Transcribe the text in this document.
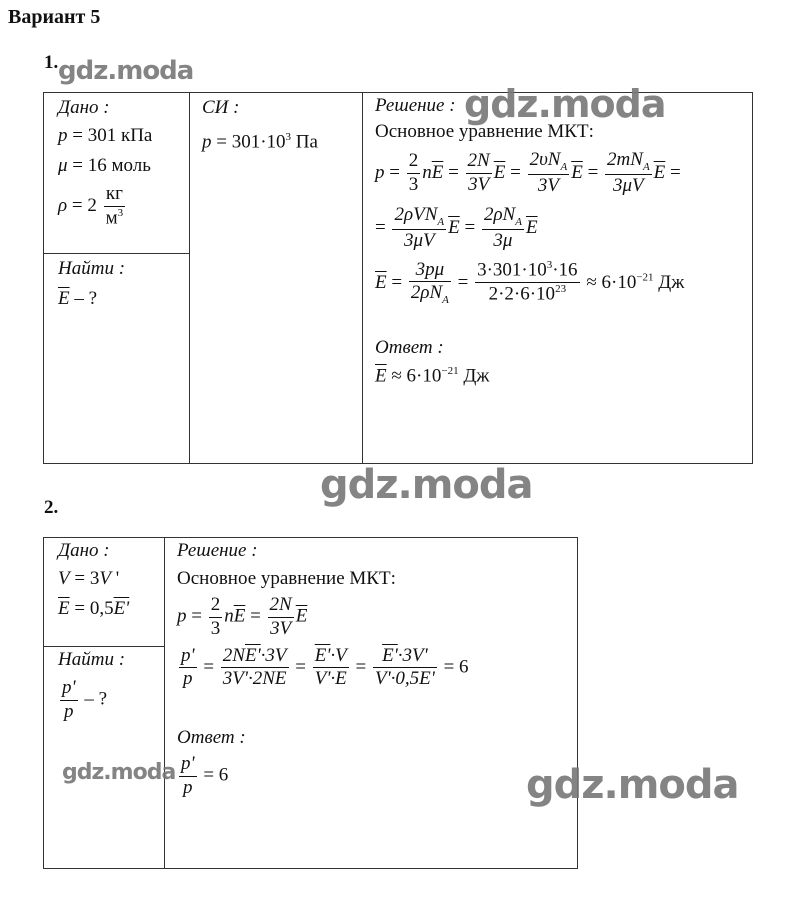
Вариант 5
1.
Дано :
p = 301 кПа
μ = 16 моль
$\rho = 2 \frac{кг}{м^3}$

СИ :
$p = 301\cdot 10^3$ Па

Решение :
Основное уравнение МКТ:
$p = \frac{2}{3} n\overline{E} = \frac{2N}{3V} \overline{E} = \frac{2\upsilon N_A}{3V} \overline{E} = \frac{2mN_A}{3\mu V} \overline{E}$ =
= $\frac{2\rho VN_A}{3\mu V} \overline{E} = \frac{2\rho N_A}{3\mu} \overline{E}$
$\overline{E} = \frac{3p\mu}{2\rho N_A} = \frac{3\cdot 301\cdot 10^3\cdot 16}{2\cdot 2\cdot 6\cdot 10^{23}} \approx 6\cdot 10^{-21}$ Дж
Ответ :
$\overline{E} \approx 6\cdot 10^{-21}$ Дж

Найти :
$\overline{E}$ – ?
2.
Дано :
V = 3V '
$\overline{E} = 0,5E'$

Решение :
Основное уравнение МКТ:
$p = \frac{2}{3} n\overline{E} = \frac{2N}{3V} \overline{E}$
$\frac{p'}{p} = \frac{2NE'\cdot 3V}{3V'\cdot 2N\overline{E}} = \frac{E'\cdot V}{V'\cdot\overline{E}} = \frac{E'\cdot 3V'}{V'\cdot 0,5E'} = 6$
Ответ :
$\frac{p'}{p} = 6$

Найти :
$\frac{p'}{p}$ – ?
gdz.moda
gdz.moda
gdz.moda
gdz.moda	gdz.moda
